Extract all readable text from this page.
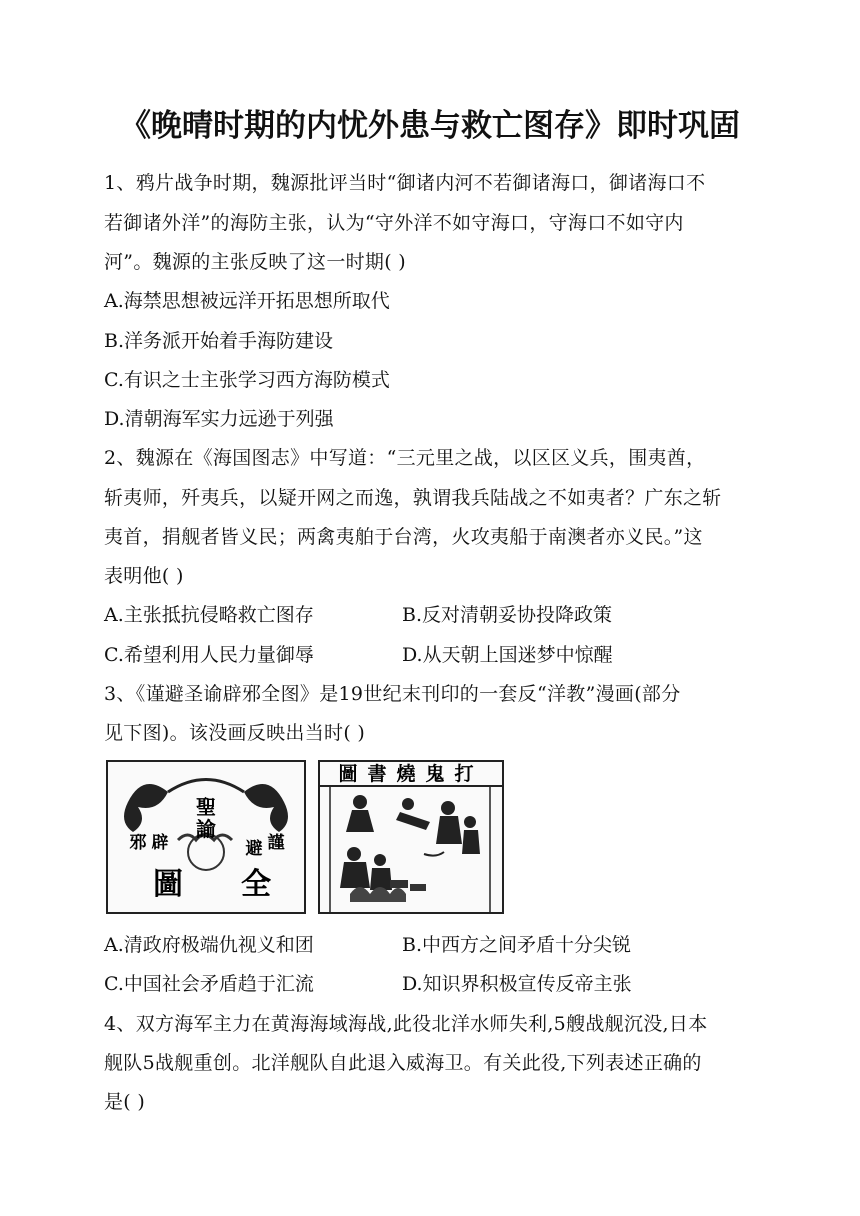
《晚晴时期的内忧外患与救亡图存》即时巩固
1、鸦片战争时期，魏源批评当时“御诸内河不若御诸海口，御诸海口不
若御诸外洋”的海防主张，认为“守外洋不如守海口，守海口不如守内
河”。魏源的主张反映了这一时期( )
A.海禁思想被远洋开拓思想所取代
B.洋务派开始着手海防建设
C.有识之士主张学习西方海防模式
D.清朝海军实力远逊于列强
2、魏源在《海国图志》中写道：“三元里之战，以区区义兵，围夷酋，
斩夷师，歼夷兵，以疑开网之而逸，孰谓我兵陆战之不如夷者？广东之斩
夷首，捐舰者皆义民；两禽夷舶于台湾，火攻夷船于南澳者亦义民。”这
表明他( )
A.主张抵抗侵略救亡图存	B.反对清朝妥协投降政策
C.希望利用人民力量御辱	D.从天朝上国迷梦中惊醒
3、《谨避圣谕辟邪全图》是19世纪末刊印的一套反“洋教”漫画(部分
见下图)。该没画反映出当时( )
聖
諭
邪 辟	謹
避
全
圖
圖書燒鬼打
A.清政府极端仇视义和团	B.中西方之间矛盾十分尖锐
C.中国社会矛盾趋于汇流	D.知识界积极宣传反帝主张
4、双方海军主力在黄海海域海战,此役北洋水师失利,5艘战舰沉没,日本
舰队5战舰重创。北洋舰队自此退入威海卫。有关此役,下列表述正确的
是( )
